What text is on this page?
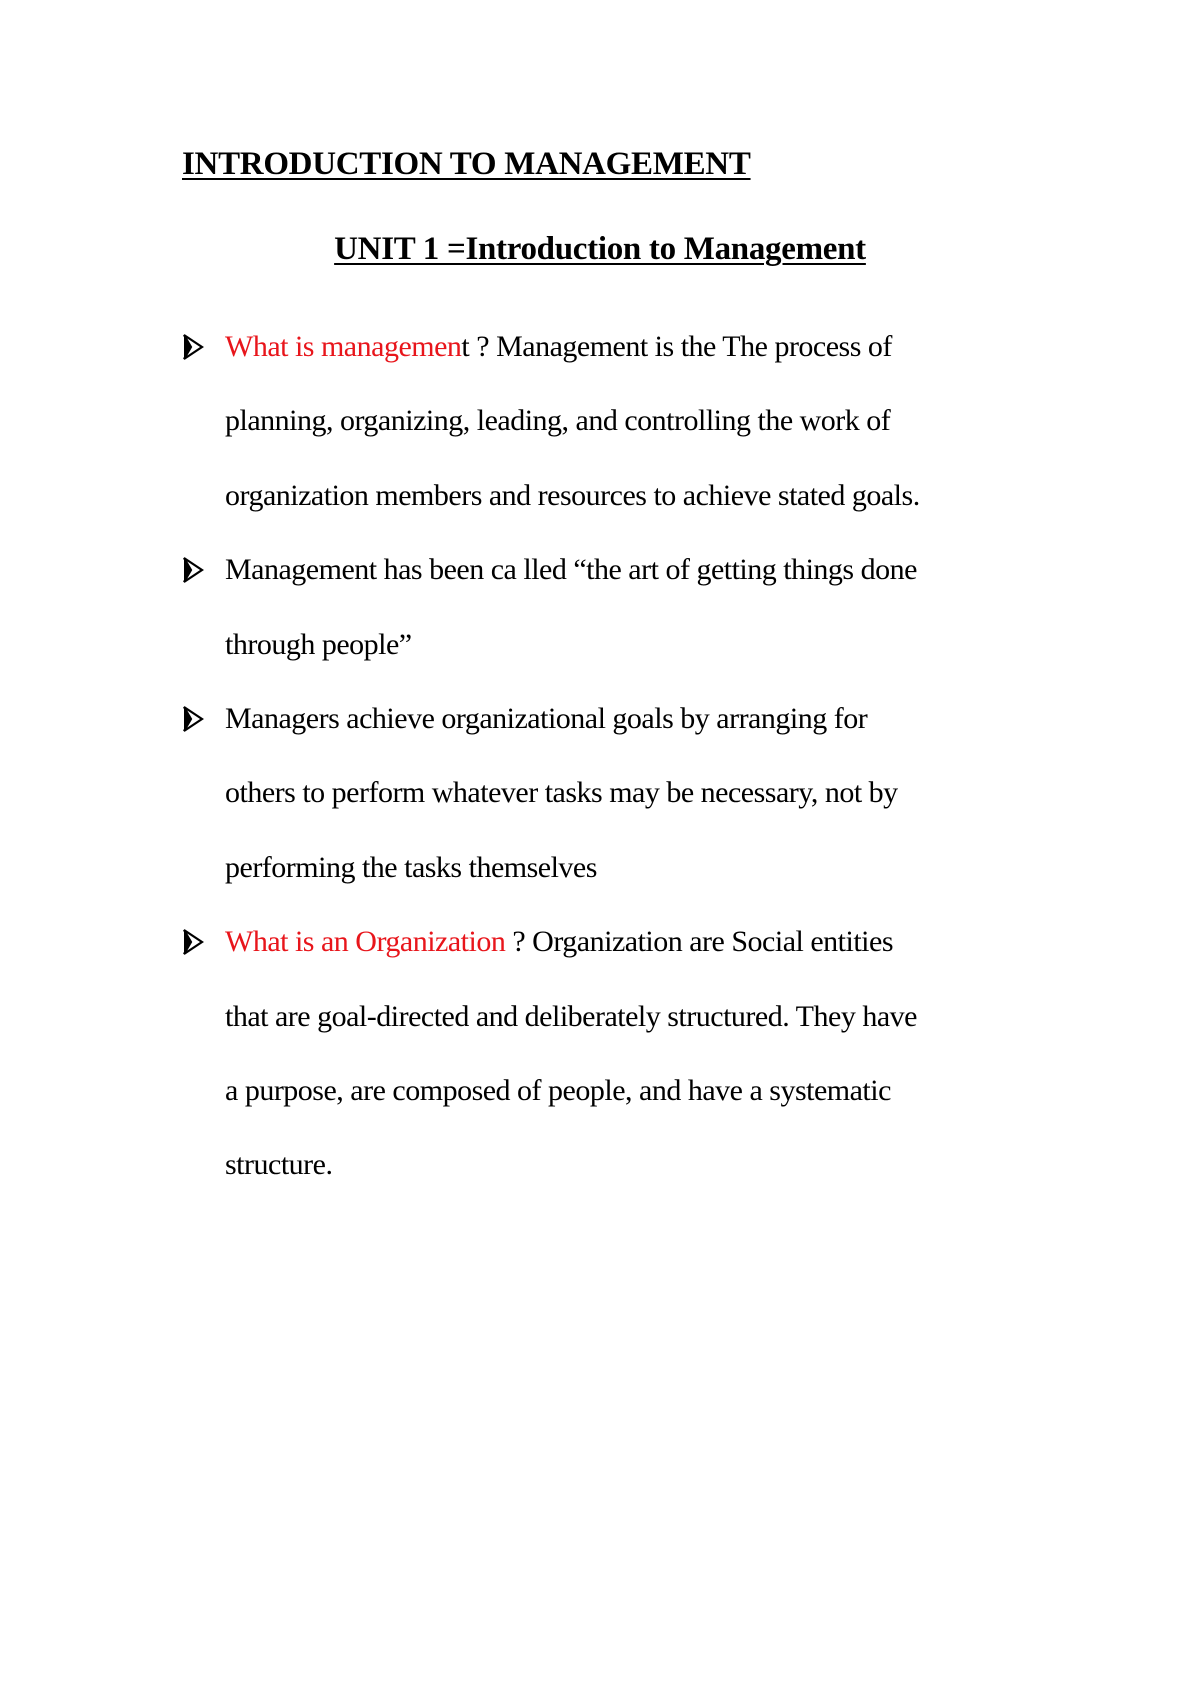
INTRODUCTION TO MANAGEMENT
UNIT 1 =Introduction to Management
What is management ? Management is the The process of
planning, organizing, leading, and controlling the work of
organization members and resources to achieve stated goals.
Management has been ca lled “the art of getting things done
through people”
Managers achieve organizational goals by arranging for
others to perform whatever tasks may be necessary, not by
performing the tasks themselves
What is an Organization ? Organization are Social entities
that are goal-directed and deliberately structured. They have
a purpose, are composed of people, and have a systematic
structure.
